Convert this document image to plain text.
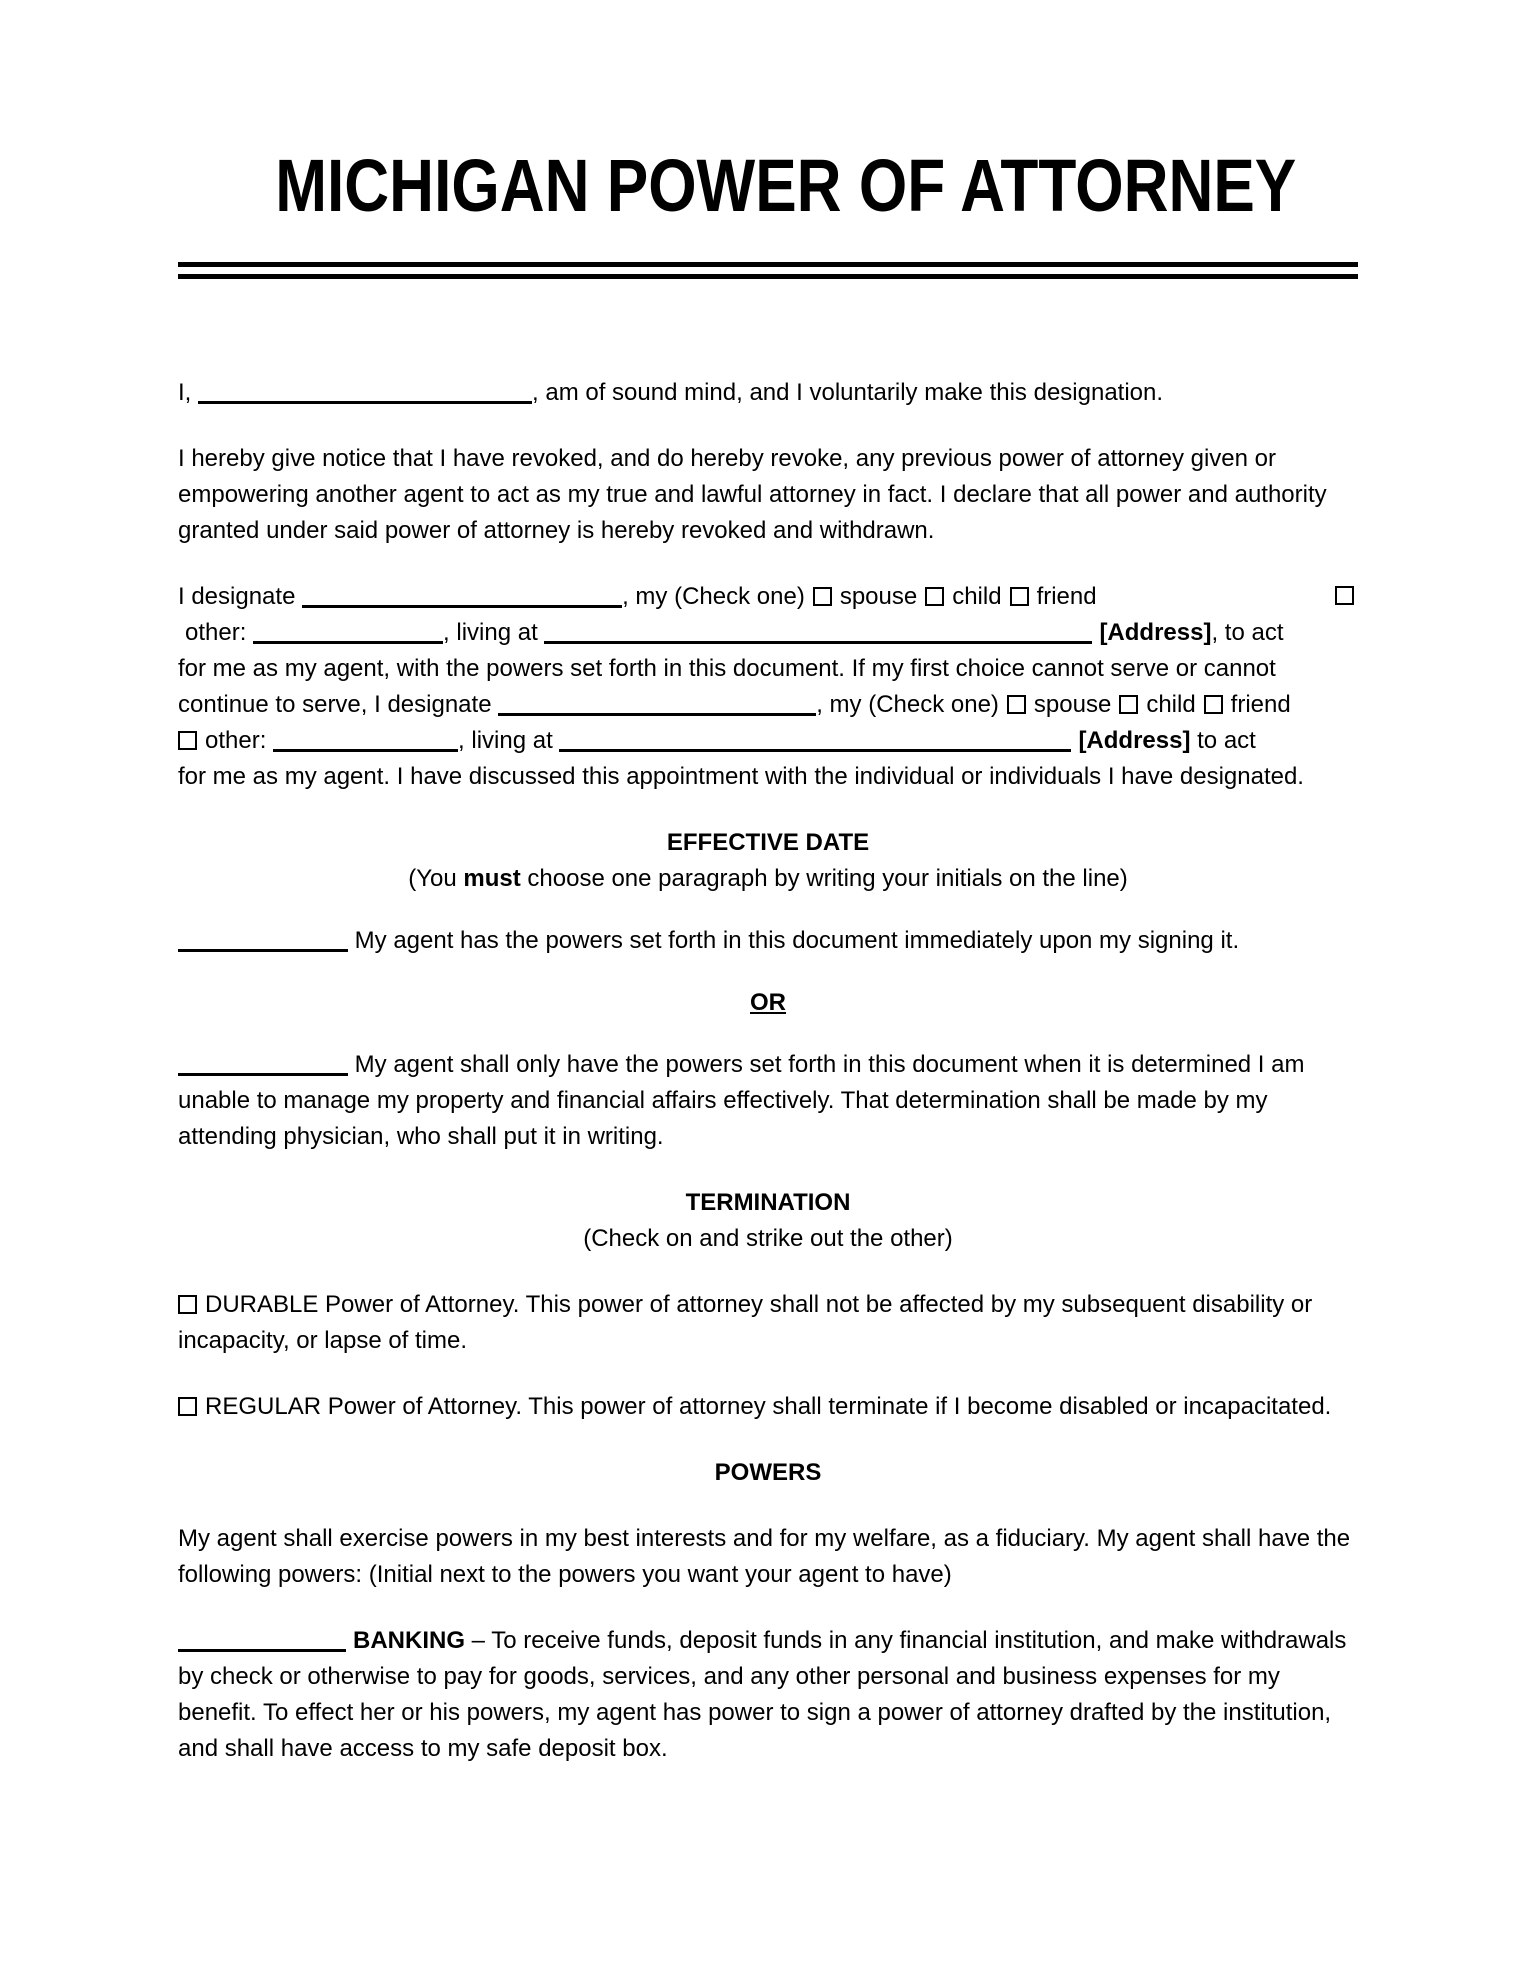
MICHIGAN POWER OF ATTORNEY
I,	, am of sound mind, and I voluntarily make this designation.
I hereby give notice that I have revoked, and do hereby revoke, any previous power of attorney given or empowering another agent to act as my true and lawful attorney in fact. I declare that all power and authority granted under said power of attorney is hereby revoked and withdrawn.
I designate	, my (Check one) spouse child friend
other:	, living at	[Address], to act
for me as my agent, with the powers set forth in this document. If my first choice cannot serve or cannot
continue to serve, I designate	, my (Check one) spouse child friend
other:	, living at	[Address] to act
for me as my agent. I have discussed this appointment with the individual or individuals I have designated.
EFFECTIVE DATE
(You must choose one paragraph by writing your initials on the line)
My agent has the powers set forth in this document immediately upon my signing it.
OR
My agent shall only have the powers set forth in this document when it is determined I am unable to manage my property and financial affairs effectively. That determination shall be made by my attending physician, who shall put it in writing.
TERMINATION
(Check on and strike out the other)
DURABLE Power of Attorney. This power of attorney shall not be affected by my subsequent disability or incapacity, or lapse of time.
REGULAR Power of Attorney. This power of attorney shall terminate if I become disabled or incapacitated.
POWERS
My agent shall exercise powers in my best interests and for my welfare, as a fiduciary. My agent shall have the following powers: (Initial next to the powers you want your agent to have)
BANKING – To receive funds, deposit funds in any financial institution, and make withdrawals by check or otherwise to pay for goods, services, and any other personal and business expenses for my benefit. To effect her or his powers, my agent has power to sign a power of attorney drafted by the institution, and shall have access to my safe deposit box.
